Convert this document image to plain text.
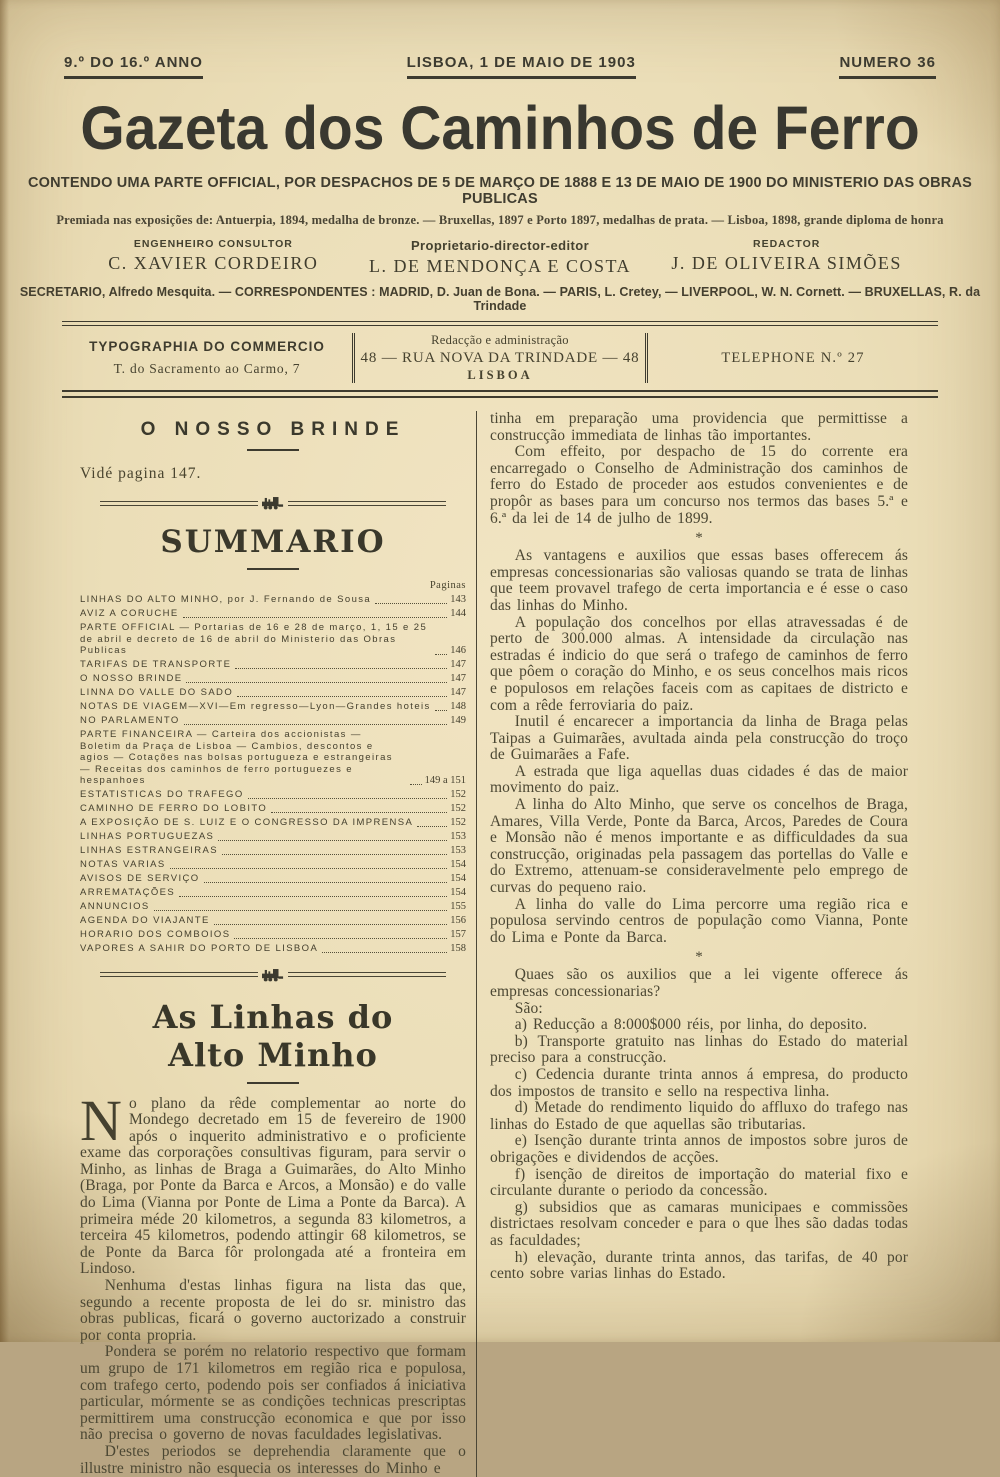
9.º DO 16.º ANNO	LISBOA, 1 DE MAIO DE 1903	NUMERO 36
Gazeta dos Caminhos de Ferro
CONTENDO UMA PARTE OFFICIAL, POR DESPACHOS DE 5 DE MARÇO DE 1888 E 13 DE MAIO DE 1900 DO MINISTERIO DAS OBRAS PUBLICAS
Premiada nas exposições de: Antuerpia, 1894, medalha de bronze. — Bruxellas, 1897 e Porto 1897, medalhas de prata. — Lisboa, 1898, grande diploma de honra
ENGENHEIRO CONSULTOR
C. XAVIER CORDEIRO
Proprietario-director-editor
L. DE MENDONÇA E COSTA
REDACTOR
J. DE OLIVEIRA SIMÕES
SECRETARIO, Alfredo Mesquita. — CORRESPONDENTES : MADRID, D. Juan de Bona. — PARIS, L. Cretey, — LIVERPOOL, W. N. Cornett. — BRUXELLAS, R. da Trindade
TYPOGRAPHIA DO COMMERCIO
T. do Sacramento ao Carmo, 7
Redacção e administração
48 — RUA NOVA DA TRINDADE — 48
LISBOA
TELEPHONE N.º 27
O NOSSO BRINDE
Vidé pagina 147.
SUMMARIO
Paginas
LINHAS DO ALTO MINHO, por J. Fernando de Sousa	143
AVIZ A CORUCHE	144
PARTE OFFICIAL — Portarias de 16 e 28 de março, 1, 15 e 25 de abril e decreto de 16 de abril do Ministerio das Obras Publicas	146
TARIFAS DE TRANSPORTE	147
O NOSSO BRINDE	147
LINNA DO VALLE DO SADO	147
NOTAS DE VIAGEM—XVI—Em regresso—Lyon—Grandes hoteis 148
NO PARLAMENTO	149
PARTE FINANCEIRA — Carteira dos accionistas — Boletim da Praça de Lisboa — Cambios, descontos e agios — Cotações nas bolsas portugueza e estrangeiras — Receitas dos caminhos de ferro portuguezes e hespanhoes	149 a 151
ESTATISTICAS DO TRAFEGO	152
CAMINHO DE FERRO DO LOBITO	152
A EXPOSIÇÃO DE S. LUIZ E O CONGRESSO DA IMPRENSA	152
LINHAS PORTUGUEZAS	153
LINHAS ESTRANGEIRAS	153
NOTAS VARIAS	154
AVISOS DE SERVIÇO	154
ARREMATAÇÕES	154
ANNUNCIOS	155
AGENDA DO VIAJANTE	156
HORARIO DOS COMBOIOS	157
VAPORES A SAHIR DO PORTO DE LISBOA	158
As Linhas do Alto Minho

No plano da rêde complementar ao norte do Mondego decretado em 15 de fevereiro de 1900 após o inquerito administrativo e o proficiente exame das corporações consultivas figuram, para servir o Minho, as linhas de Braga a Guimarães, do Alto Minho (Braga, por Ponte da Barca e Arcos, a Monsão) e do valle do Lima (Vianna por Ponte de Lima a Ponte da Barca). A primeira méde 20 kilometros, a segunda 83 kilometros, a terceira 45 kilometros, podendo attingir 68 kilometros, se de Ponte da Barca fôr prolongada até a fronteira em Lindoso.

Nenhuma d'estas linhas figura na lista das que, segundo a recente proposta de lei do sr. ministro das obras publicas, ficará o governo auctorizado a construir por conta propria.

Pondera se porém no relatorio respectivo que formam um grupo de 171 kilometros em região rica e populosa, com trafego certo, podendo pois ser confiados á iniciativa particular, mórmente se as condições technicas prescriptas permittirem uma construcção economica e que por isso não precisa o governo de novas faculdades legislativas.

D'estes periodos se deprehendia claramente que o illustre ministro não esquecia os interesses do Minho e

tinha em preparação uma providencia que permittisse a construcção immediata de linhas tão importantes.

Com effeito, por despacho de 15 do corrente era encarregado o Conselho de Administração dos caminhos de ferro do Estado de proceder aos estudos convenientes e de propôr as bases para um concurso nos termos das bases 5.ª e 6.ª da lei de 14 de julho de 1899.

*

As vantagens e auxilios que essas bases offerecem ás empresas concessionarias são valiosas quando se trata de linhas que teem provavel trafego de certa importancia e é esse o caso das linhas do Minho.

A população dos concelhos por ellas atravessadas é de perto de 300.000 almas. A intensidade da circulação nas estradas é indicio do que será o trafego de caminhos de ferro que pôem o coração do Minho, e os seus concelhos mais ricos e populosos em relações faceis com as capitaes de districto e com a rêde ferroviaria do paiz.

Inutil é encarecer a importancia da linha de Braga pelas Taipas a Guimarães, avultada ainda pela construcção do troço de Guimarães a Fafe.

A estrada que liga aquellas duas cidades é das de maior movimento do paiz.

A linha do Alto Minho, que serve os concelhos de Braga, Amares, Villa Verde, Ponte da Barca, Arcos, Paredes de Coura e Monsão não é menos importante e as difficuldades da sua construcção, originadas pela passagem das portellas do Valle e do Extremo, attenuam-se consideravelmente pelo emprego de curvas do pequeno raio.

A linha do valle do Lima percorre uma região rica e populosa servindo centros de população como Vianna, Ponte do Lima e Ponte da Barca.

*

Quaes são os auxilios que a lei vigente offerece ás empresas concessionarias?

São:

a) Reducção a 8:000$000 réis, por linha, do deposito.

b) Transporte gratuito nas linhas do Estado do material preciso para a construcção.

c) Cedencia durante trinta annos á empresa, do producto dos impostos de transito e sello na respectiva linha.

d) Metade do rendimento liquido do affluxo do trafego nas linhas do Estado de que aquellas são tributarias.

e) Isenção durante trinta annos de impostos sobre juros de obrigações e dividendos de acções.

f) isenção de direitos de importação do material fixo e circulante durante o periodo da concessão.

g) subsidios que as camaras municipaes e commissões districtaes resolvam conceder e para o que lhes são dadas todas as faculdades;

h) elevação, durante trinta annos, das tarifas, de 40 por cento sobre varias linhas do Estado.
